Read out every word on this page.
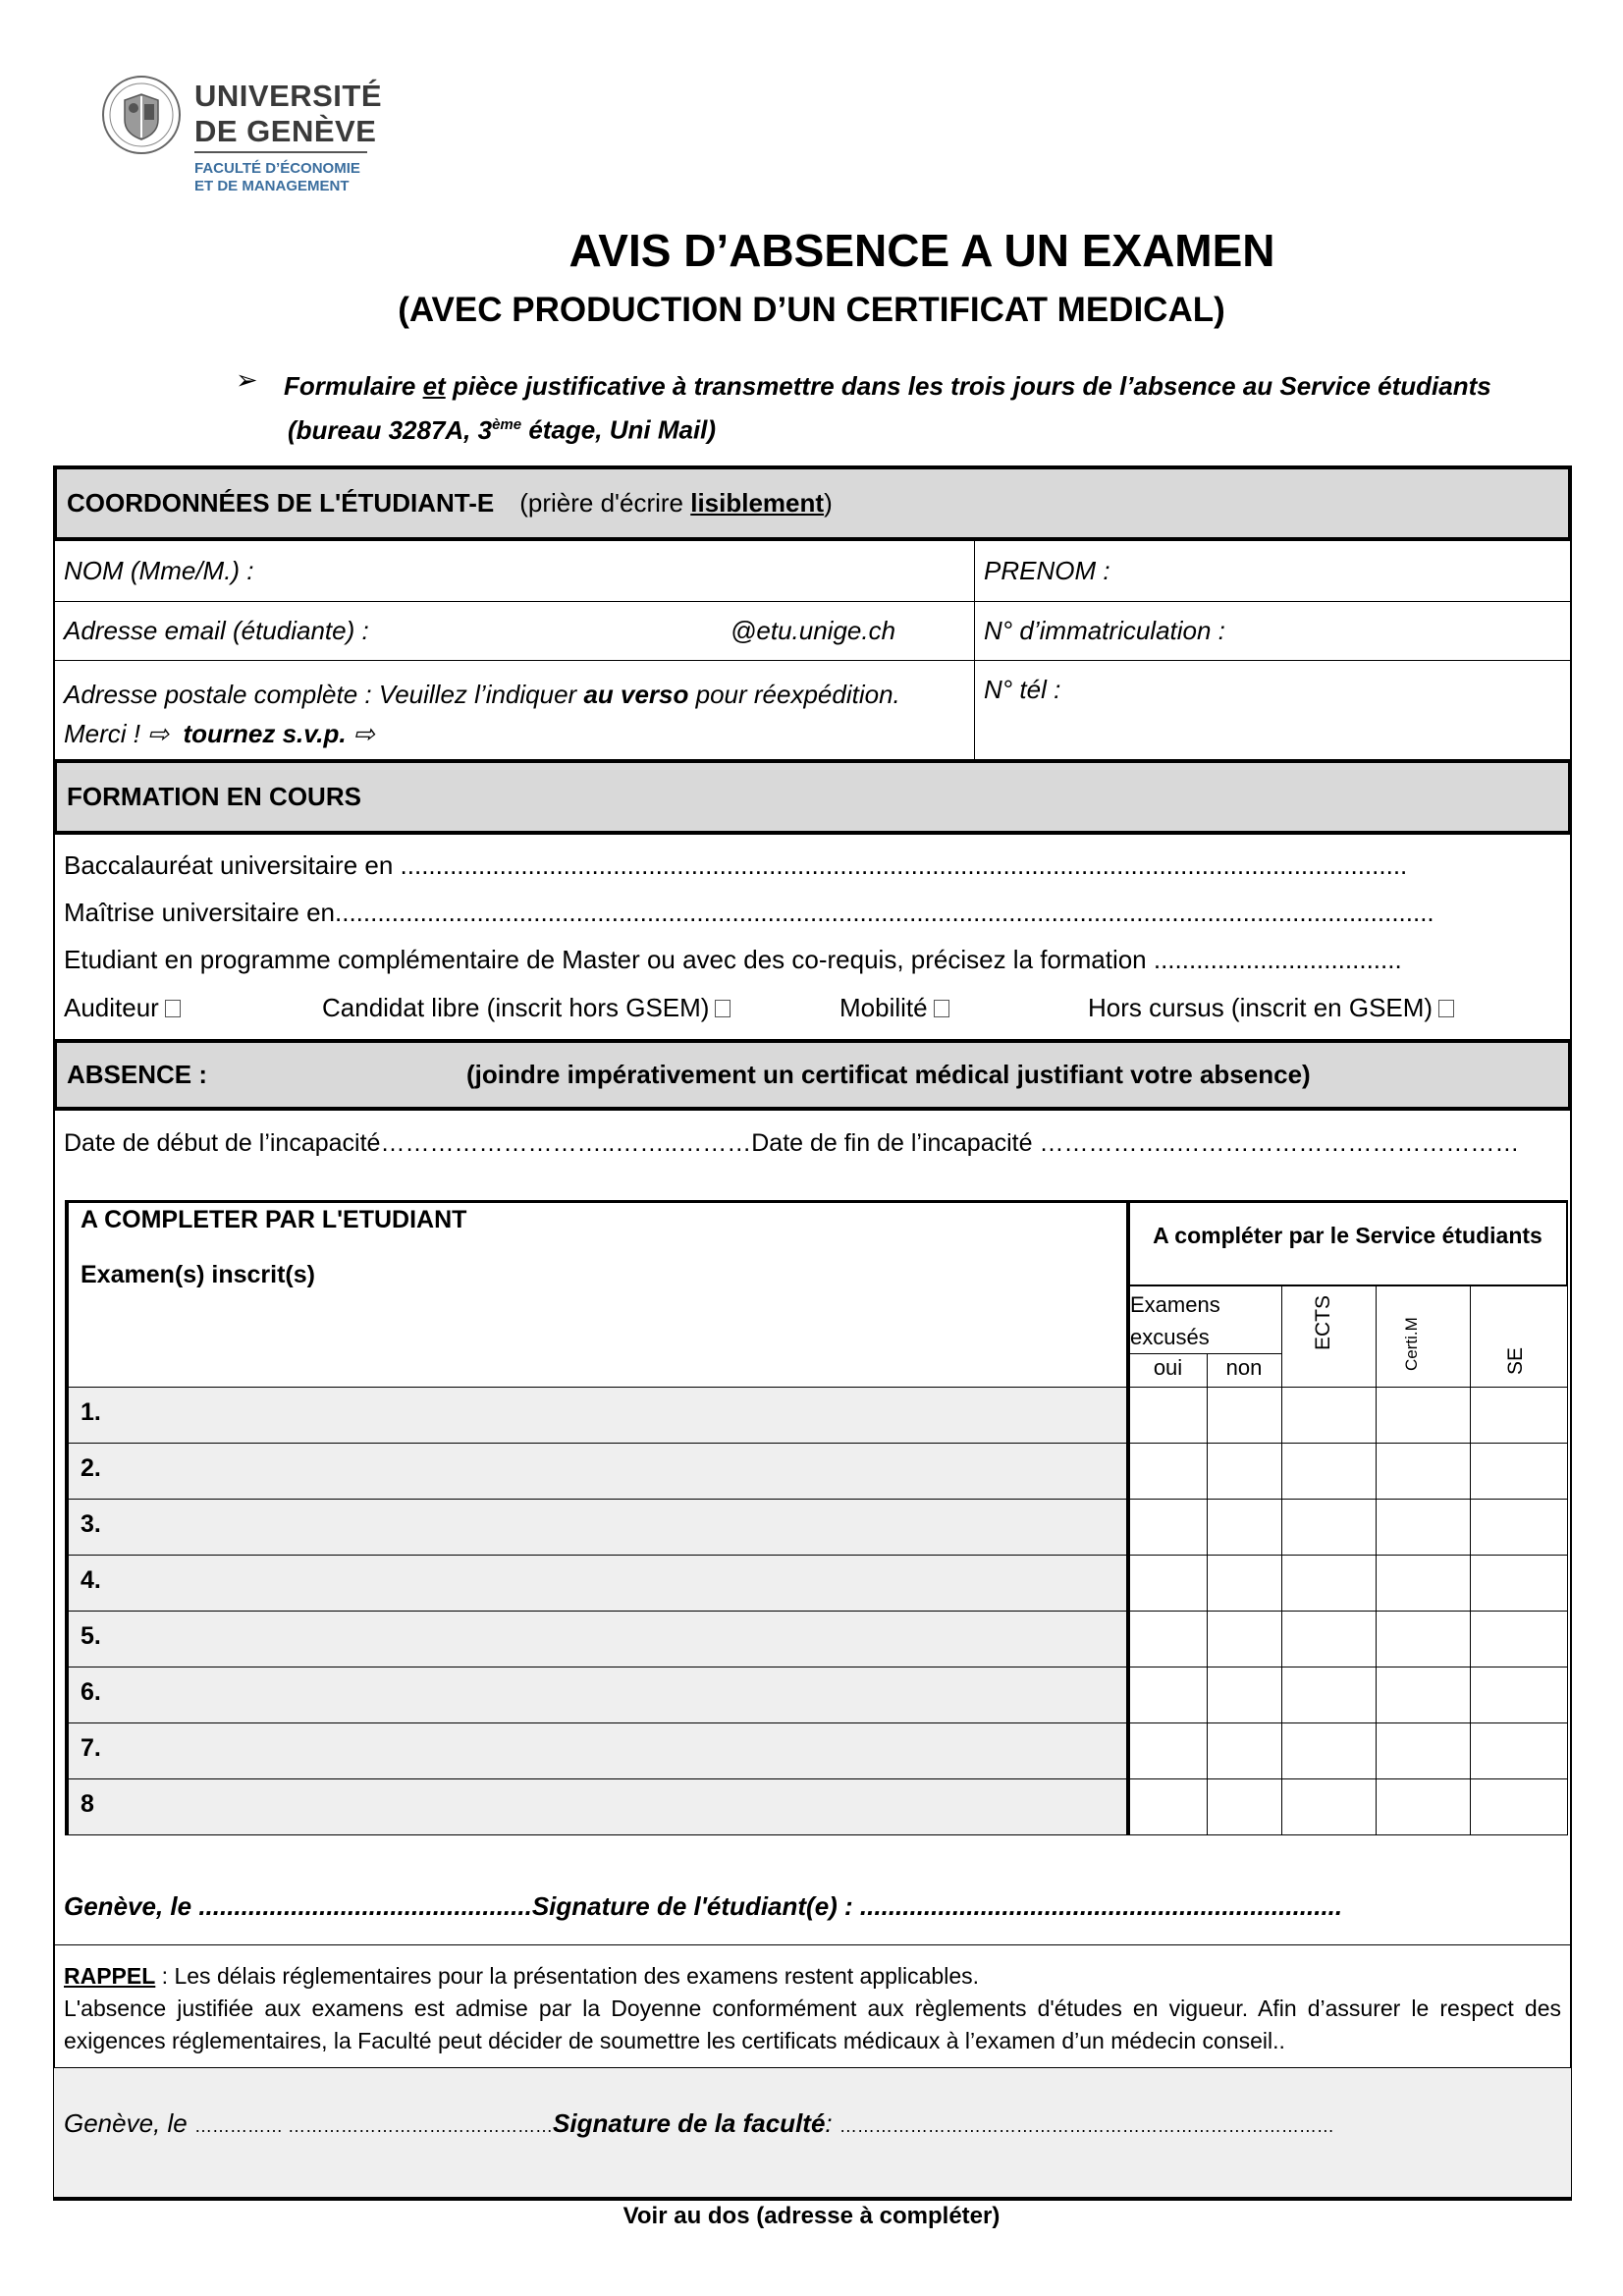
UNIVERSITÉ
DE GENÈVE
FACULTÉ D’ÉCONOMIE
ET DE MANAGEMENT
AVIS D’ABSENCE A UN EXAMEN
(AVEC PRODUCTION D’UN CERTIFICAT MEDICAL)
➢ Formulaire et pièce justificative à transmettre dans les trois jours de l’absence au Service étudiants
(bureau 3287A, 3ème étage, Uni Mail)
COORDONNÉES DE L'ÉTUDIANT-E (prière d'écrire lisiblement)
NOM (Mme/M.) :	PRENOM :
Adresse email (étudiante) :	@etu.unige.ch	N° d’immatriculation :
Adresse postale complète : Veuillez l’indiquer au verso pour réexpédition.
Merci ! ⇨ tournez s.v.p. ⇨
N° tél :
FORMATION EN COURS
Baccalauréat universitaire en ..............................................................................................................................................
Maîtrise universitaire en...........................................................................................................................................................
Etudiant en programme complémentaire de Master ou avec des co-requis, précisez la formation ...................................
Auditeur	Candidat libre (inscrit hors GSEM)	Mobilité	Hors cursus (inscrit en GSEM)
ABSENCE :	(joindre impérativement un certificat médical justifiant votre absence)
Date de début de l’incapacité………………………..……..………Date de fin de l’incapacité ……………..……………………………………
A COMPLETER PAR L'ETUDIANT
Examen(s) inscrit(s)
A compléter par le Service étudiants
Examens excusés
oui	non
ECTS	Certi.M	SE
1.
2.
3.
4.
5.
6.
7.
8
Genève, le ...............................................Signature de l'étudiant(e) : ....................................................................
RAPPEL : Les délais réglementaires pour la présentation des examens restent applicables.
L'absence justifiée aux examens est admise par la Doyenne conformément aux règlements d'études en vigueur. Afin d’assurer le respect des exigences réglementaires, la Faculté peut décider de soumettre les certificats médicaux à l’examen d’un médecin conseil..
Genève, le …………… ………………………………………Signature de la faculté: …………………………………………………………………………
Voir au dos (adresse à compléter)
